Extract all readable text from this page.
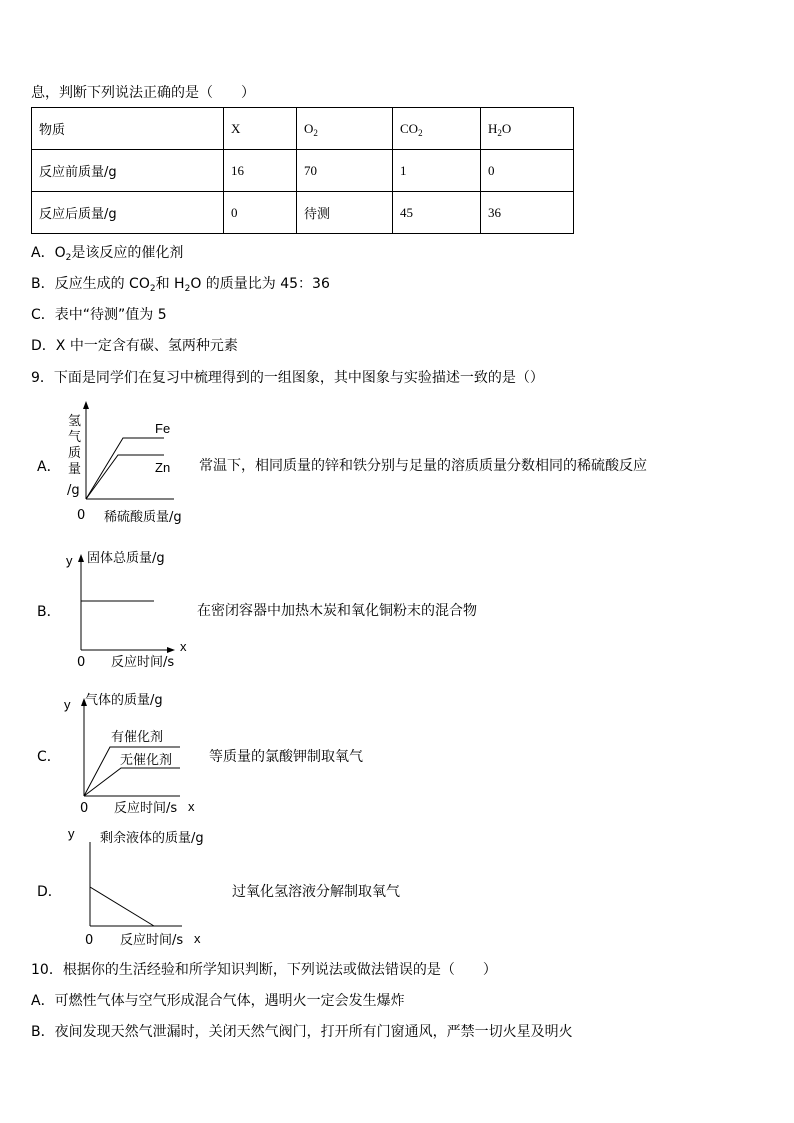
息，判断下列说法正确的是（　　）
物质	X	$O_2$	$CO_2$	$H_2O$
反应前质量/g	16	70	1	0
反应后质量/g	0	待测	45	36
A．$O_2$是该反应的催化剂
B．反应生成的 $CO_2$和 $H_2O$ 的质量比为 45：36
C．表中“待测”值为 5
D．X 中一定含有碳、氢两种元素
9．下面是同学们在复习中梳理得到的一组图象，其中图象与实验描述一致的是（）
A．
氢
气
质
量
/g
Fe
Zn
0 稀硫酸质量/g
常温下，相同质量的锌和铁分别与足量的溶质质量分数相同的稀硫酸反应
B．
y 固体总质量/g
x
0 反应时间/s
在密闭容器中加热木炭和氧化铜粉末的混合物
C．
y 气体的质量/g
有催化剂
无催化剂
0 反应时间/s x
等质量的氯酸钾制取氧气
D．
y 剩余液体的质量/g
0 反应时间/s x
过氧化氢溶液分解制取氧气
10．根据你的生活经验和所学知识判断，下列说法或做法错误的是（　　）
A．可燃性气体与空气形成混合气体，遇明火一定会发生爆炸
B．夜间发现天然气泄漏时，关闭天然气阀门，打开所有门窗通风，严禁一切火星及明火
